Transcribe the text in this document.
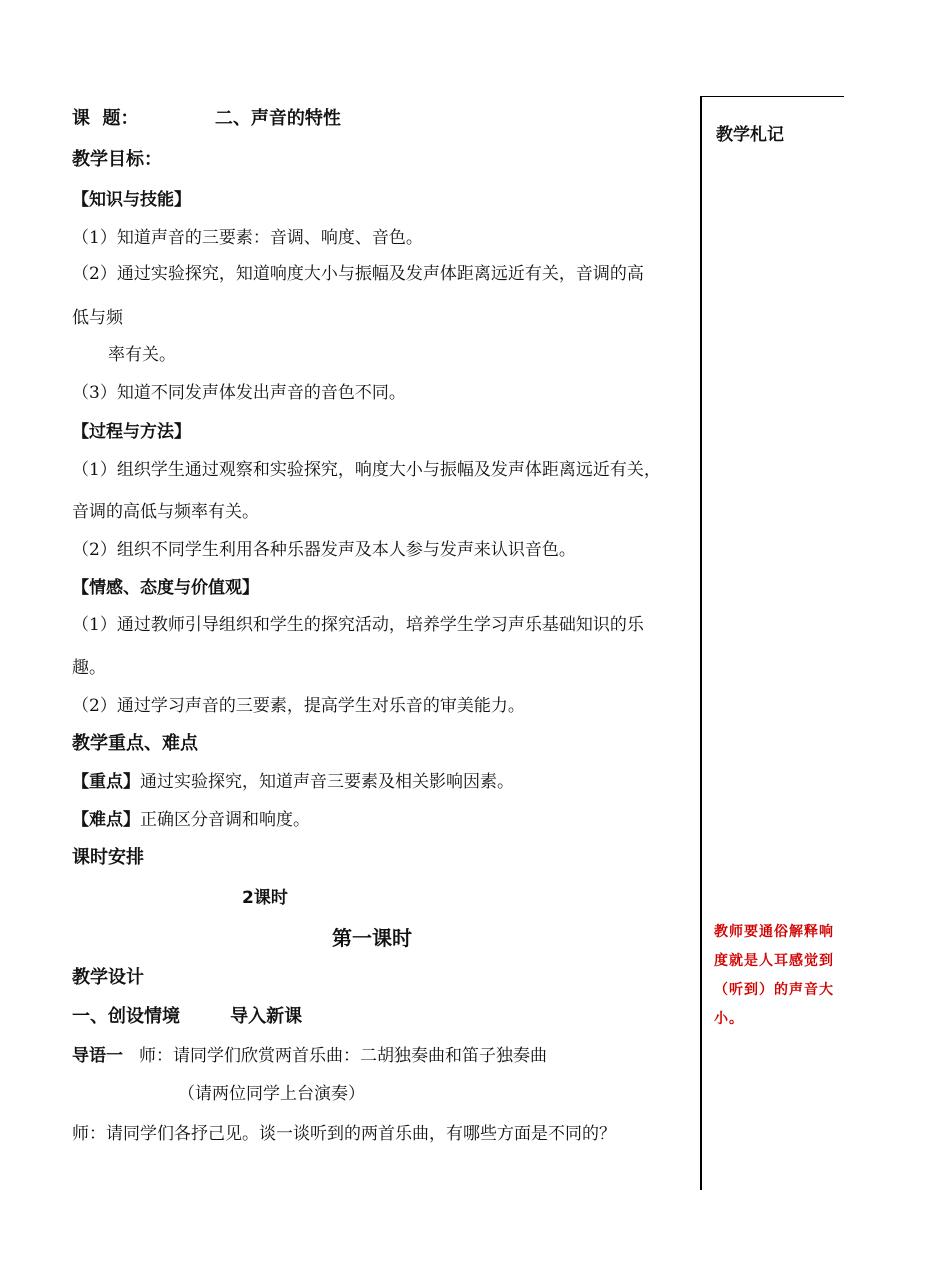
课  题：	二、声音的特性
教学目标：
【知识与技能】
（1）知道声音的三要素：音调、响度、音色。
（2）通过实验探究，知道响度大小与振幅及发声体距离远近有关，音调的高
低与频
率有关。
（3）知道不同发声体发出声音的音色不同。
【过程与方法】
（1）组织学生通过观察和实验探究，响度大小与振幅及发声体距离远近有关，
音调的高低与频率有关。
（2）组织不同学生利用各种乐器发声及本人参与发声来认识音色。
【情感、态度与价值观】
（1）通过教师引导组织和学生的探究活动，培养学生学习声乐基础知识的乐
趣。
（2）通过学习声音的三要素，提高学生对乐音的审美能力。
教学重点、难点
【重点】通过实验探究，知道声音三要素及相关影响因素。
【难点】正确区分音调和响度。
课时安排
2课时
第一课时
教学设计
一、创设情境        导入新课
导语一 师：请同学们欣赏两首乐曲：二胡独奏曲和笛子独奏曲
（请两位同学上台演奏）
师：请同学们各抒己见。谈一谈听到的两首乐曲，有哪些方面是不同的？
教学札记
教师要通俗解释响度就是人耳感觉到（听到）的声音大小。
